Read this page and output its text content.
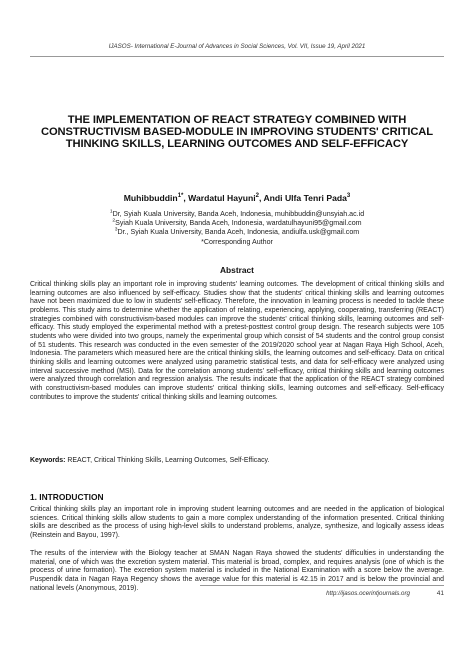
IJASOS- International E-Journal of Advances in Social Sciences, Vol. VII, Issue 19, April 2021
THE IMPLEMENTATION OF REACT STRATEGY COMBINED WITH CONSTRUCTIVISM BASED-MODULE IN IMPROVING STUDENTS' CRITICAL THINKING SKILLS, LEARNING OUTCOMES AND SELF-EFFICACY
Muhibbuddin$^{1*}$, Wardatul Hayuni$^2$, Andi Ulfa Tenri Pada$^3$
$^1$Dr, Syiah Kuala University, Banda Aceh, Indonesia, muhibbuddin@unsyiah.ac.id
$^2$Syiah Kuala University, Banda Aceh, Indonesia, wardatulhayuni95@gmail.com
$^3$Dr., Syiah Kuala University, Banda Aceh, Indonesia, andiulfa.usk@gmail.com
*Corresponding Author
Abstract

Critical thinking skills play an important role in improving students' learning outcomes. The development of critical thinking skills and learning outcomes are also influenced by self-efficacy. Studies show that the students' critical thinking skills and learning outcomes have not been maximized due to low in students' self-efficacy. Therefore, the innovation in learning process is needed to tackle these problems. This study aims to determine whether the application of relating, experiencing, applying, cooperating, transferring (REACT) strategies combined with constructivism-based modules can improve the students' critical thinking skills, learning outcomes and self-efficacy. This study employed the experimental method with a pretest-posttest control group design. The research subjects were 105 students who were divided into two groups, namely the experimental group which consist of 54 students and the control group consist of 51 students. This research was conducted in the even semester of the 2019/2020 school year at Nagan Raya High School, Aceh, Indonesia. The parameters which measured here are the critical thinking skills, the learning outcomes and self-efficacy. Data on critical thinking skills and learning outcomes were analyzed using parametric statistical tests, and data for self-efficacy were analyzed using interval successive method (MSI). Data for the correlation among students' self-efficacy, critical thinking skills and learning outcomes were analyzed through correlation and regression analysis. The results indicate that the application of the REACT strategy combined with constructivism-based modules can improve students' critical thinking skills, learning outcomes and self-efficacy. Self-efficacy contributes to improve the students' critical thinking skills and learning outcomes.

Keywords: REACT, Critical Thinking Skills, Learning Outcomes, Self-Efficacy.
1. INTRODUCTION

Critical thinking skills play an important role in improving student learning outcomes and are needed in the application of biological sciences. Critical thinking skills allow students to gain a more complex understanding of the information presented. Critical thinking skills are described as the process of using high-level skills to understand problems, analyze, synthesize, and logically assess ideas (Reinstein and Bayou, 1997).

The results of the interview with the Biology teacher at SMAN Nagan Raya showed the students' difficulties in understanding the material, one of which was the excretion system material. This material is broad, complex, and requires analysis (one of which is the process of urine formation). The excretion system material is included in the National Examination with a score below the average. Puspendik data in Nagan Raya Regency shows the average value for this material is 42.15 in 2017 and is below the provincial and national levels (Anonymous, 2019).

http://ijasos.ocerintjournals.org	41
